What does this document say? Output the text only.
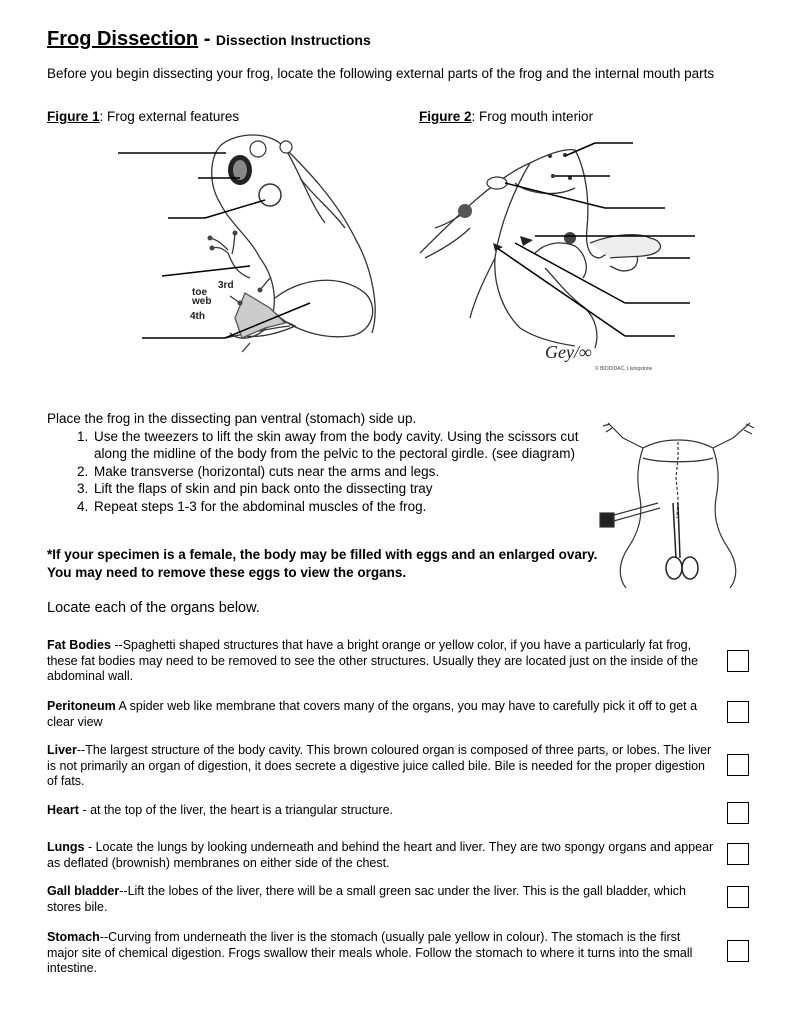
Frog Dissection - Dissection Instructions
Before you begin dissecting your frog, locate the following external parts of the frog and the internal mouth parts
Figure 1: Frog external features	Figure 2: Frog mouth interior
toe
web
3rd
4th
Gey/∞
© BIODIDAC, Livingstone
Place the frog in the dissecting pan ventral (stomach) side up.
1. Use the tweezers to lift the skin away from the body cavity. Using the scissors cut along the midline of the body from the pelvic to the pectoral girdle. (see diagram)
2. Make transverse (horizontal) cuts near the arms and legs.
3. Lift the flaps of skin and pin back onto the dissecting tray
4. Repeat steps 1-3 for the abdominal muscles of the frog.
*If your specimen is a female, the body may be filled with eggs and an enlarged ovary. You may need to remove these eggs to view the organs.
Locate each of the organs below.
Fat Bodies --Spaghetti shaped structures that have a bright orange or yellow color, if you have a particularly fat frog, these fat bodies may need to be removed to see the other structures. Usually they are located just on the inside of the abdominal wall.
Peritoneum A spider web like membrane that covers many of the organs, you may have to carefully pick it off to get a clear view
Liver--The largest structure of the body cavity. This brown coloured organ is composed of three parts, or lobes. The liver is not primarily an organ of digestion, it does secrete a digestive juice called bile. Bile is needed for the proper digestion of fats.
Heart - at the top of the liver, the heart is a triangular structure.
Lungs - Locate the lungs by looking underneath and behind the heart and liver. They are two spongy organs and appear as deflated (brownish) membranes on either side of the chest.
Gall bladder--Lift the lobes of the liver, there will be a small green sac under the liver. This is the gall bladder, which stores bile.
Stomach--Curving from underneath the liver is the stomach (usually pale yellow in colour). The stomach is the first major site of chemical digestion. Frogs swallow their meals whole. Follow the stomach to where it turns into the small intestine.
